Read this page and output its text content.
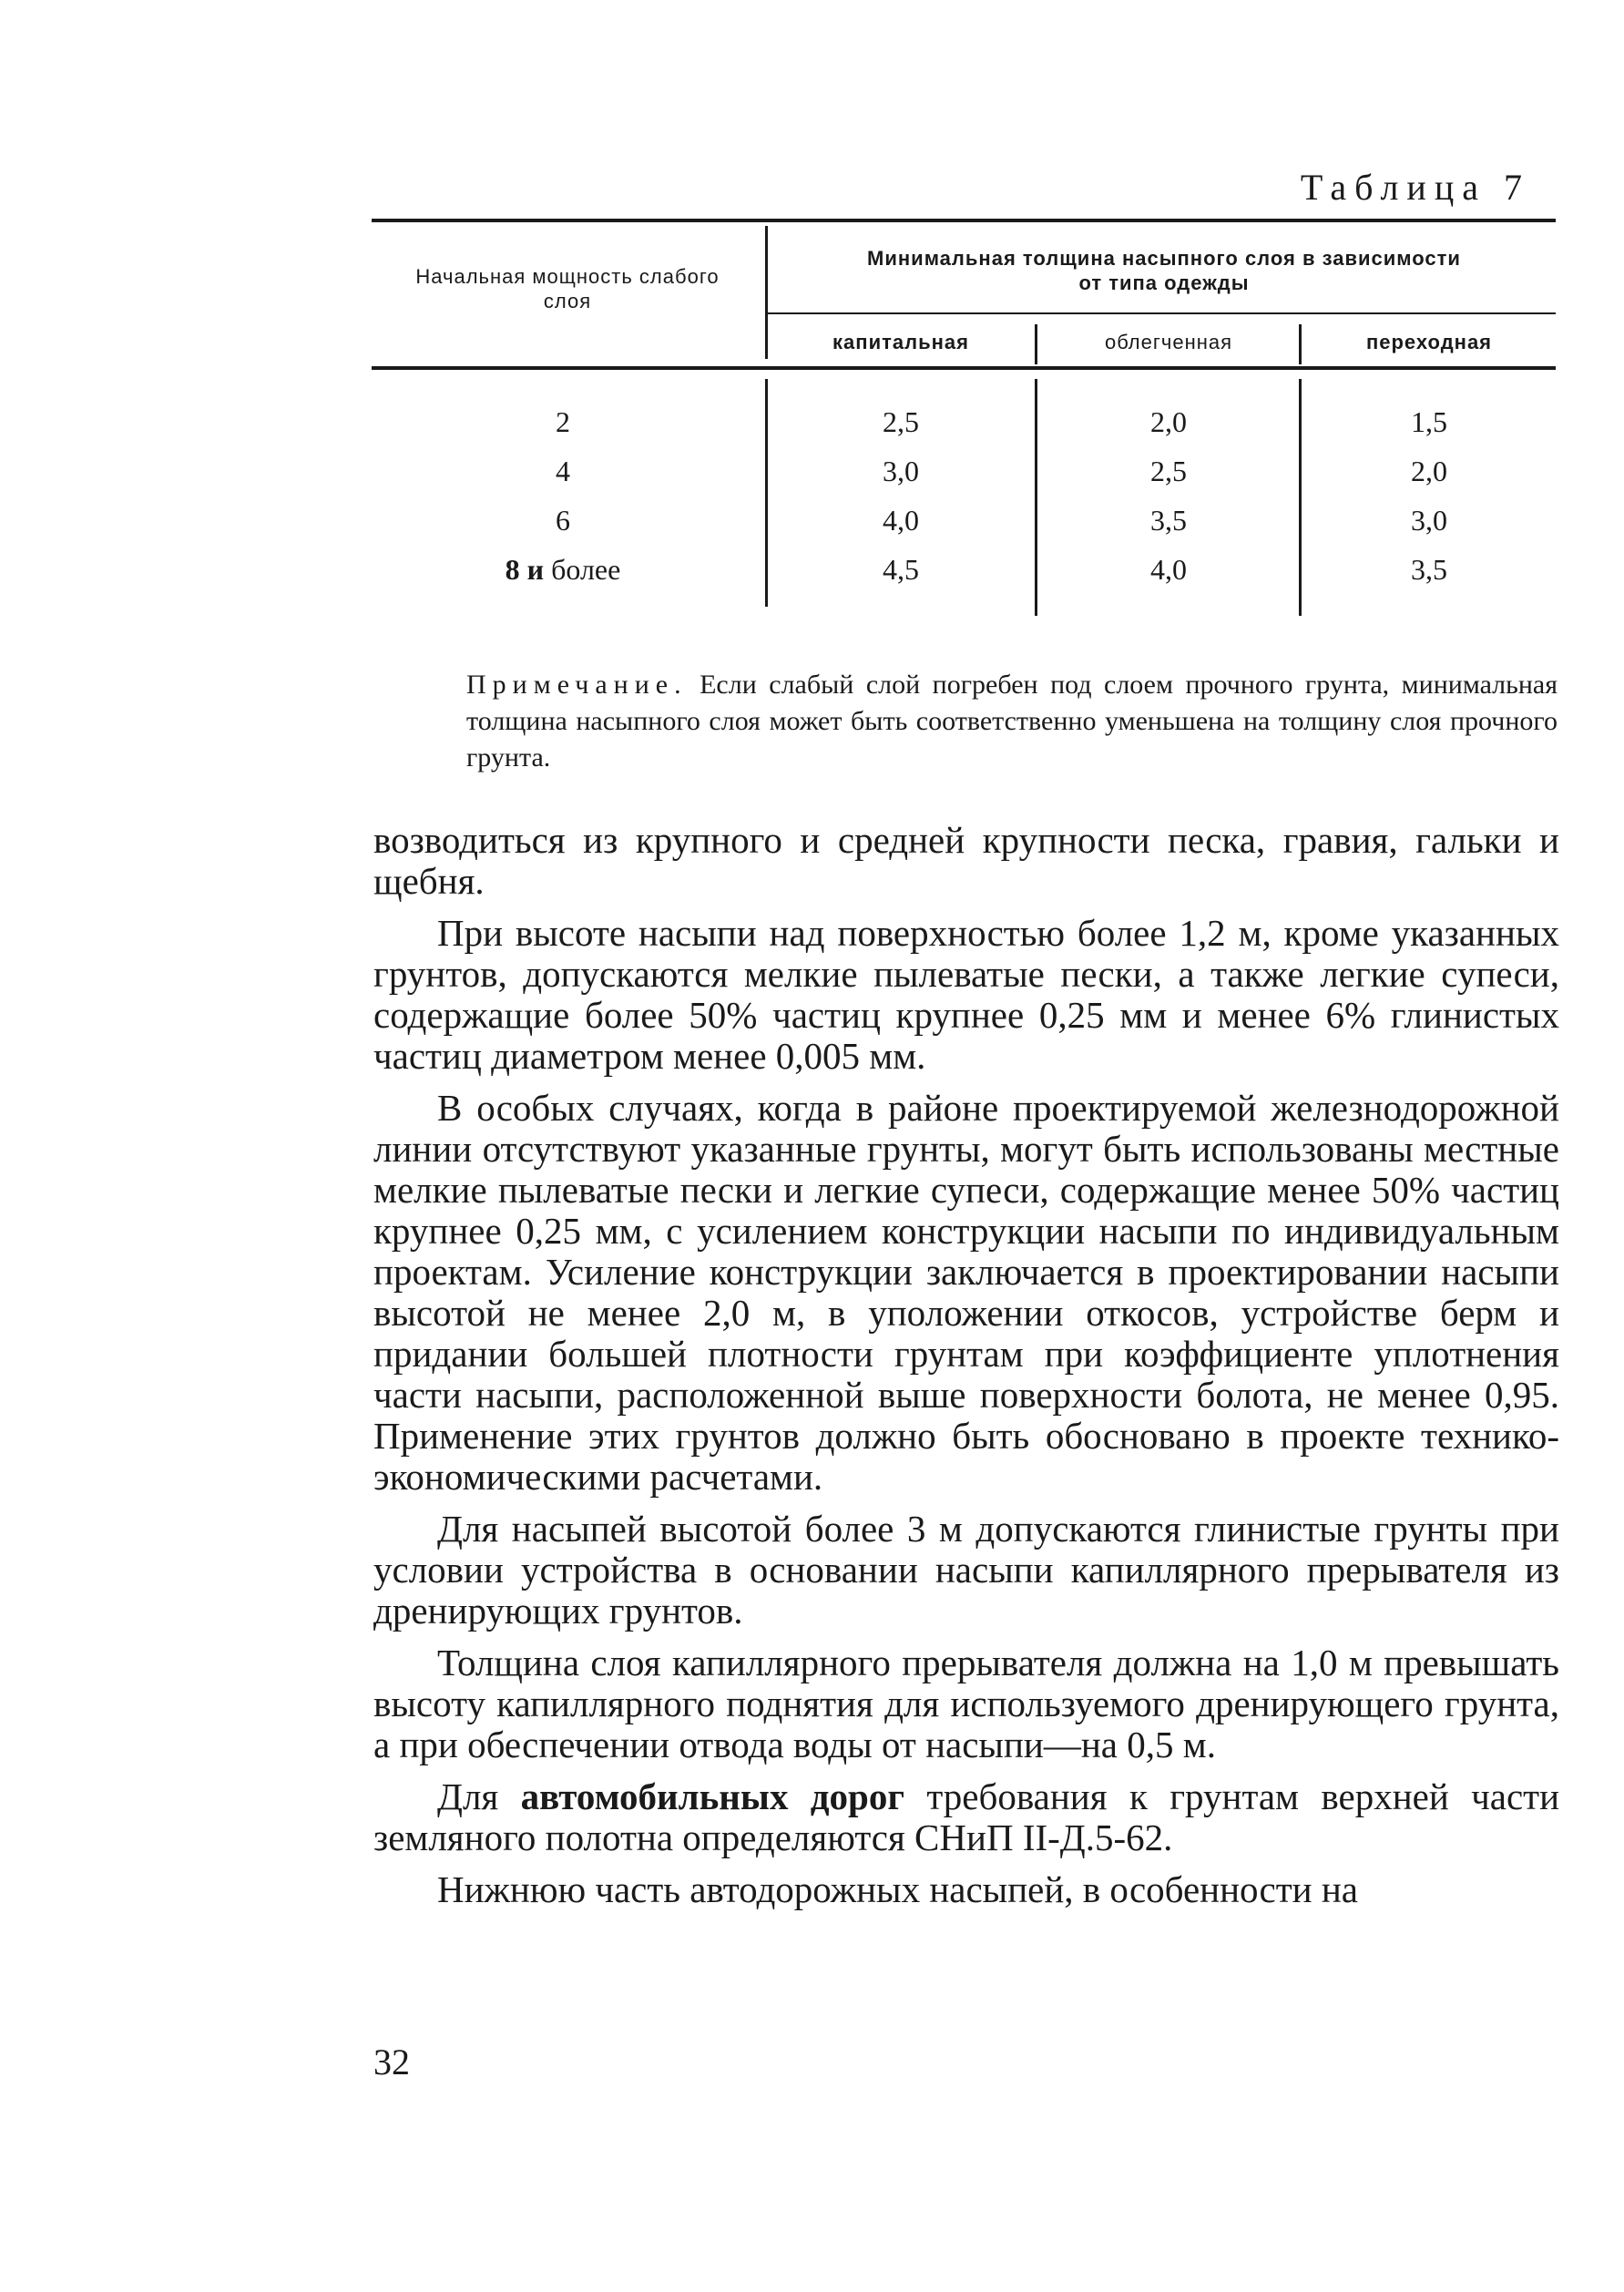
Таблица 7
Начальная мощность слабого слоя
Минимальная толщина насыпного слоя в зависимости от типа одежды
капитальная	облегченная	переходная
2	2,5	2,0	1,5
4	3,0	2,5	2,0
6	4,0	3,5	3,0
8 и более	4,5	4,0	3,5
Примечание. Если слабый слой погребен под слоем прочного грунта, минимальная толщина насыпного слоя может быть соответственно уменьшена на толщину слоя прочного грунта.

возводиться из крупного и средней крупности песка, гравия, гальки и щебня.

При высоте насыпи над поверхностью более 1,2 м, кроме указанных грунтов, допускаются мелкие пылеватые пески, а также легкие супеси, содержащие более 50% частиц крупнее 0,25 мм и менее 6% глинистых частиц диаметром менее 0,005 мм.

В особых случаях, когда в районе проектируемой железнодорожной линии отсутствуют указанные грунты, могут быть использованы местные мелкие пылеватые пески и легкие супеси, содержащие менее 50% частиц крупнее 0,25 мм, с усилением конструкции насыпи по индивидуальным проектам. Усиление конструкции заключается в проектировании насыпи высотой не менее 2,0 м, в уположении откосов, устройстве берм и придании большей плотности грунтам при коэффициенте уплотнения части насыпи, расположенной выше поверхности болота, не менее 0,95. Применение этих грунтов должно быть обосновано в проекте технико-экономическими расчетами.

Для насыпей высотой более 3 м допускаются глинистые грунты при условии устройства в основании насыпи капиллярного прерывателя из дренирующих грунтов.

Толщина слоя капиллярного прерывателя должна на 1,0 м превышать высоту капиллярного поднятия для используемого дренирующего грунта, а при обеспечении отвода воды от насыпи—на 0,5 м.

Для автомобильных дорог требования к грунтам верхней части земляного полотна определяются СНиП II-Д.5-62.

Нижнюю часть автодорожных насыпей, в особенности на

32
